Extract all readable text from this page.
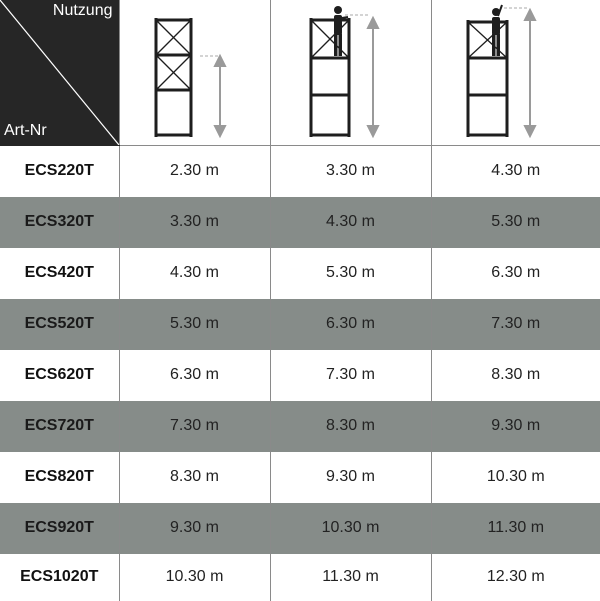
Nutzung
Art-Nr

ECS220T	2.30 m	3.30 m	4.30 m
ECS320T	3.30 m	4.30 m	5.30 m
ECS420T	4.30 m	5.30 m	6.30 m
ECS520T	5.30 m	6.30 m	7.30 m
ECS620T	6.30 m	7.30 m	8.30 m
ECS720T	7.30 m	8.30 m	9.30 m
ECS820T	8.30 m	9.30 m	10.30 m
ECS920T	9.30 m	10.30 m	11.30 m
ECS1020T	10.30 m	11.30 m	12.30 m
